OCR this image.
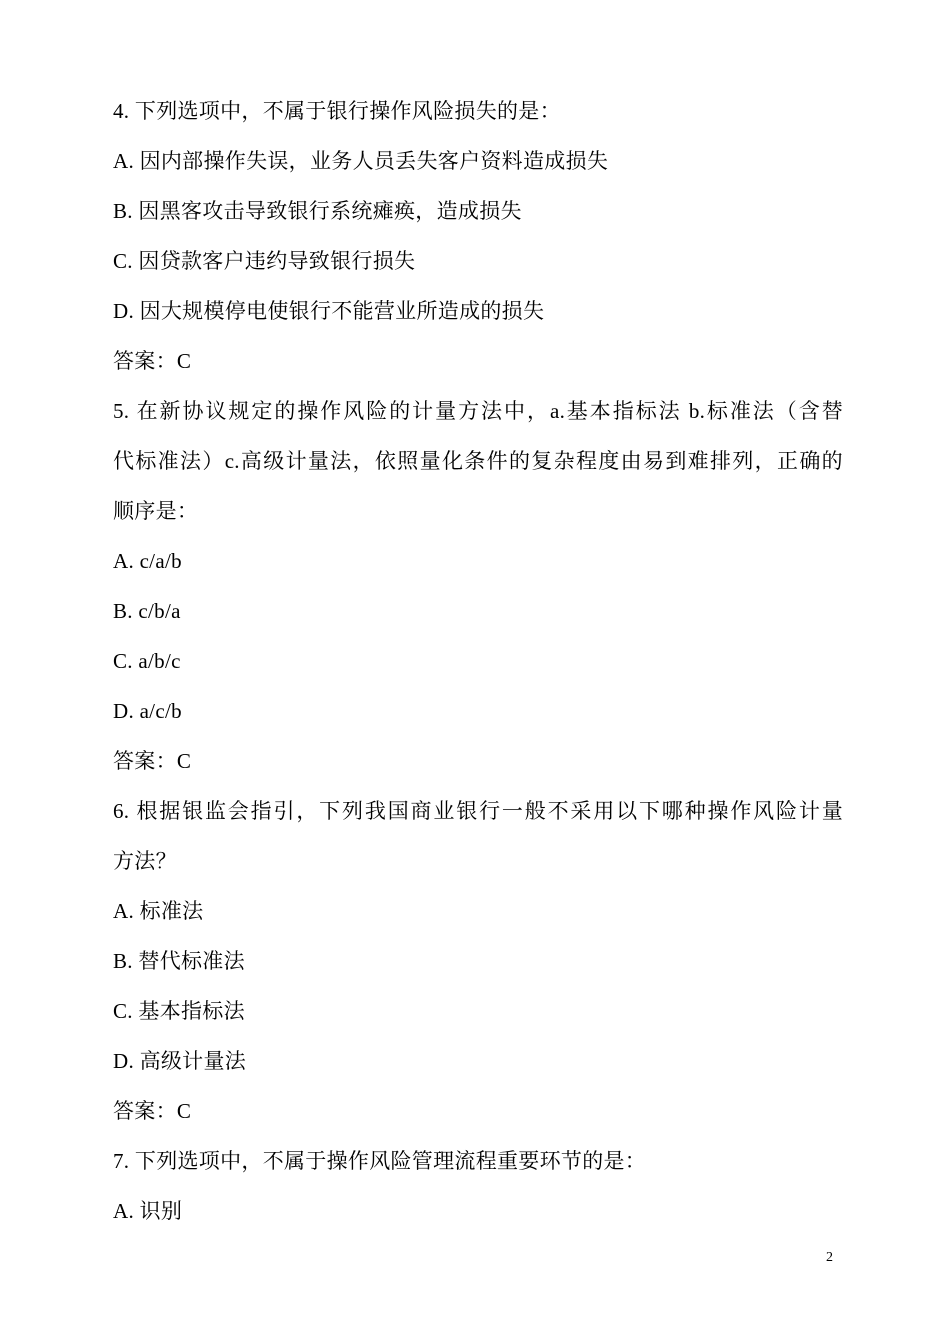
4. 下列选项中，不属于银行操作风险损失的是：
A. 因内部操作失误，业务人员丢失客户资料造成损失
B. 因黑客攻击导致银行系统瘫痪，造成损失
C. 因贷款客户违约导致银行损失
D. 因大规模停电使银行不能营业所造成的损失
答案：C
5. 在新协议规定的操作风险的计量方法中，a.基本指标法 b.标准法（含替
代标准法）c.高级计量法，依照量化条件的复杂程度由易到难排列，正确的
顺序是：
A. c/a/b
B. c/b/a
C. a/b/c
D. a/c/b
答案：C
6. 根据银监会指引，下列我国商业银行一般不采用以下哪种操作风险计量
方法？
A. 标准法
B. 替代标准法
C. 基本指标法
D. 高级计量法
答案：C
7. 下列选项中，不属于操作风险管理流程重要环节的是：
A. 识别
2
